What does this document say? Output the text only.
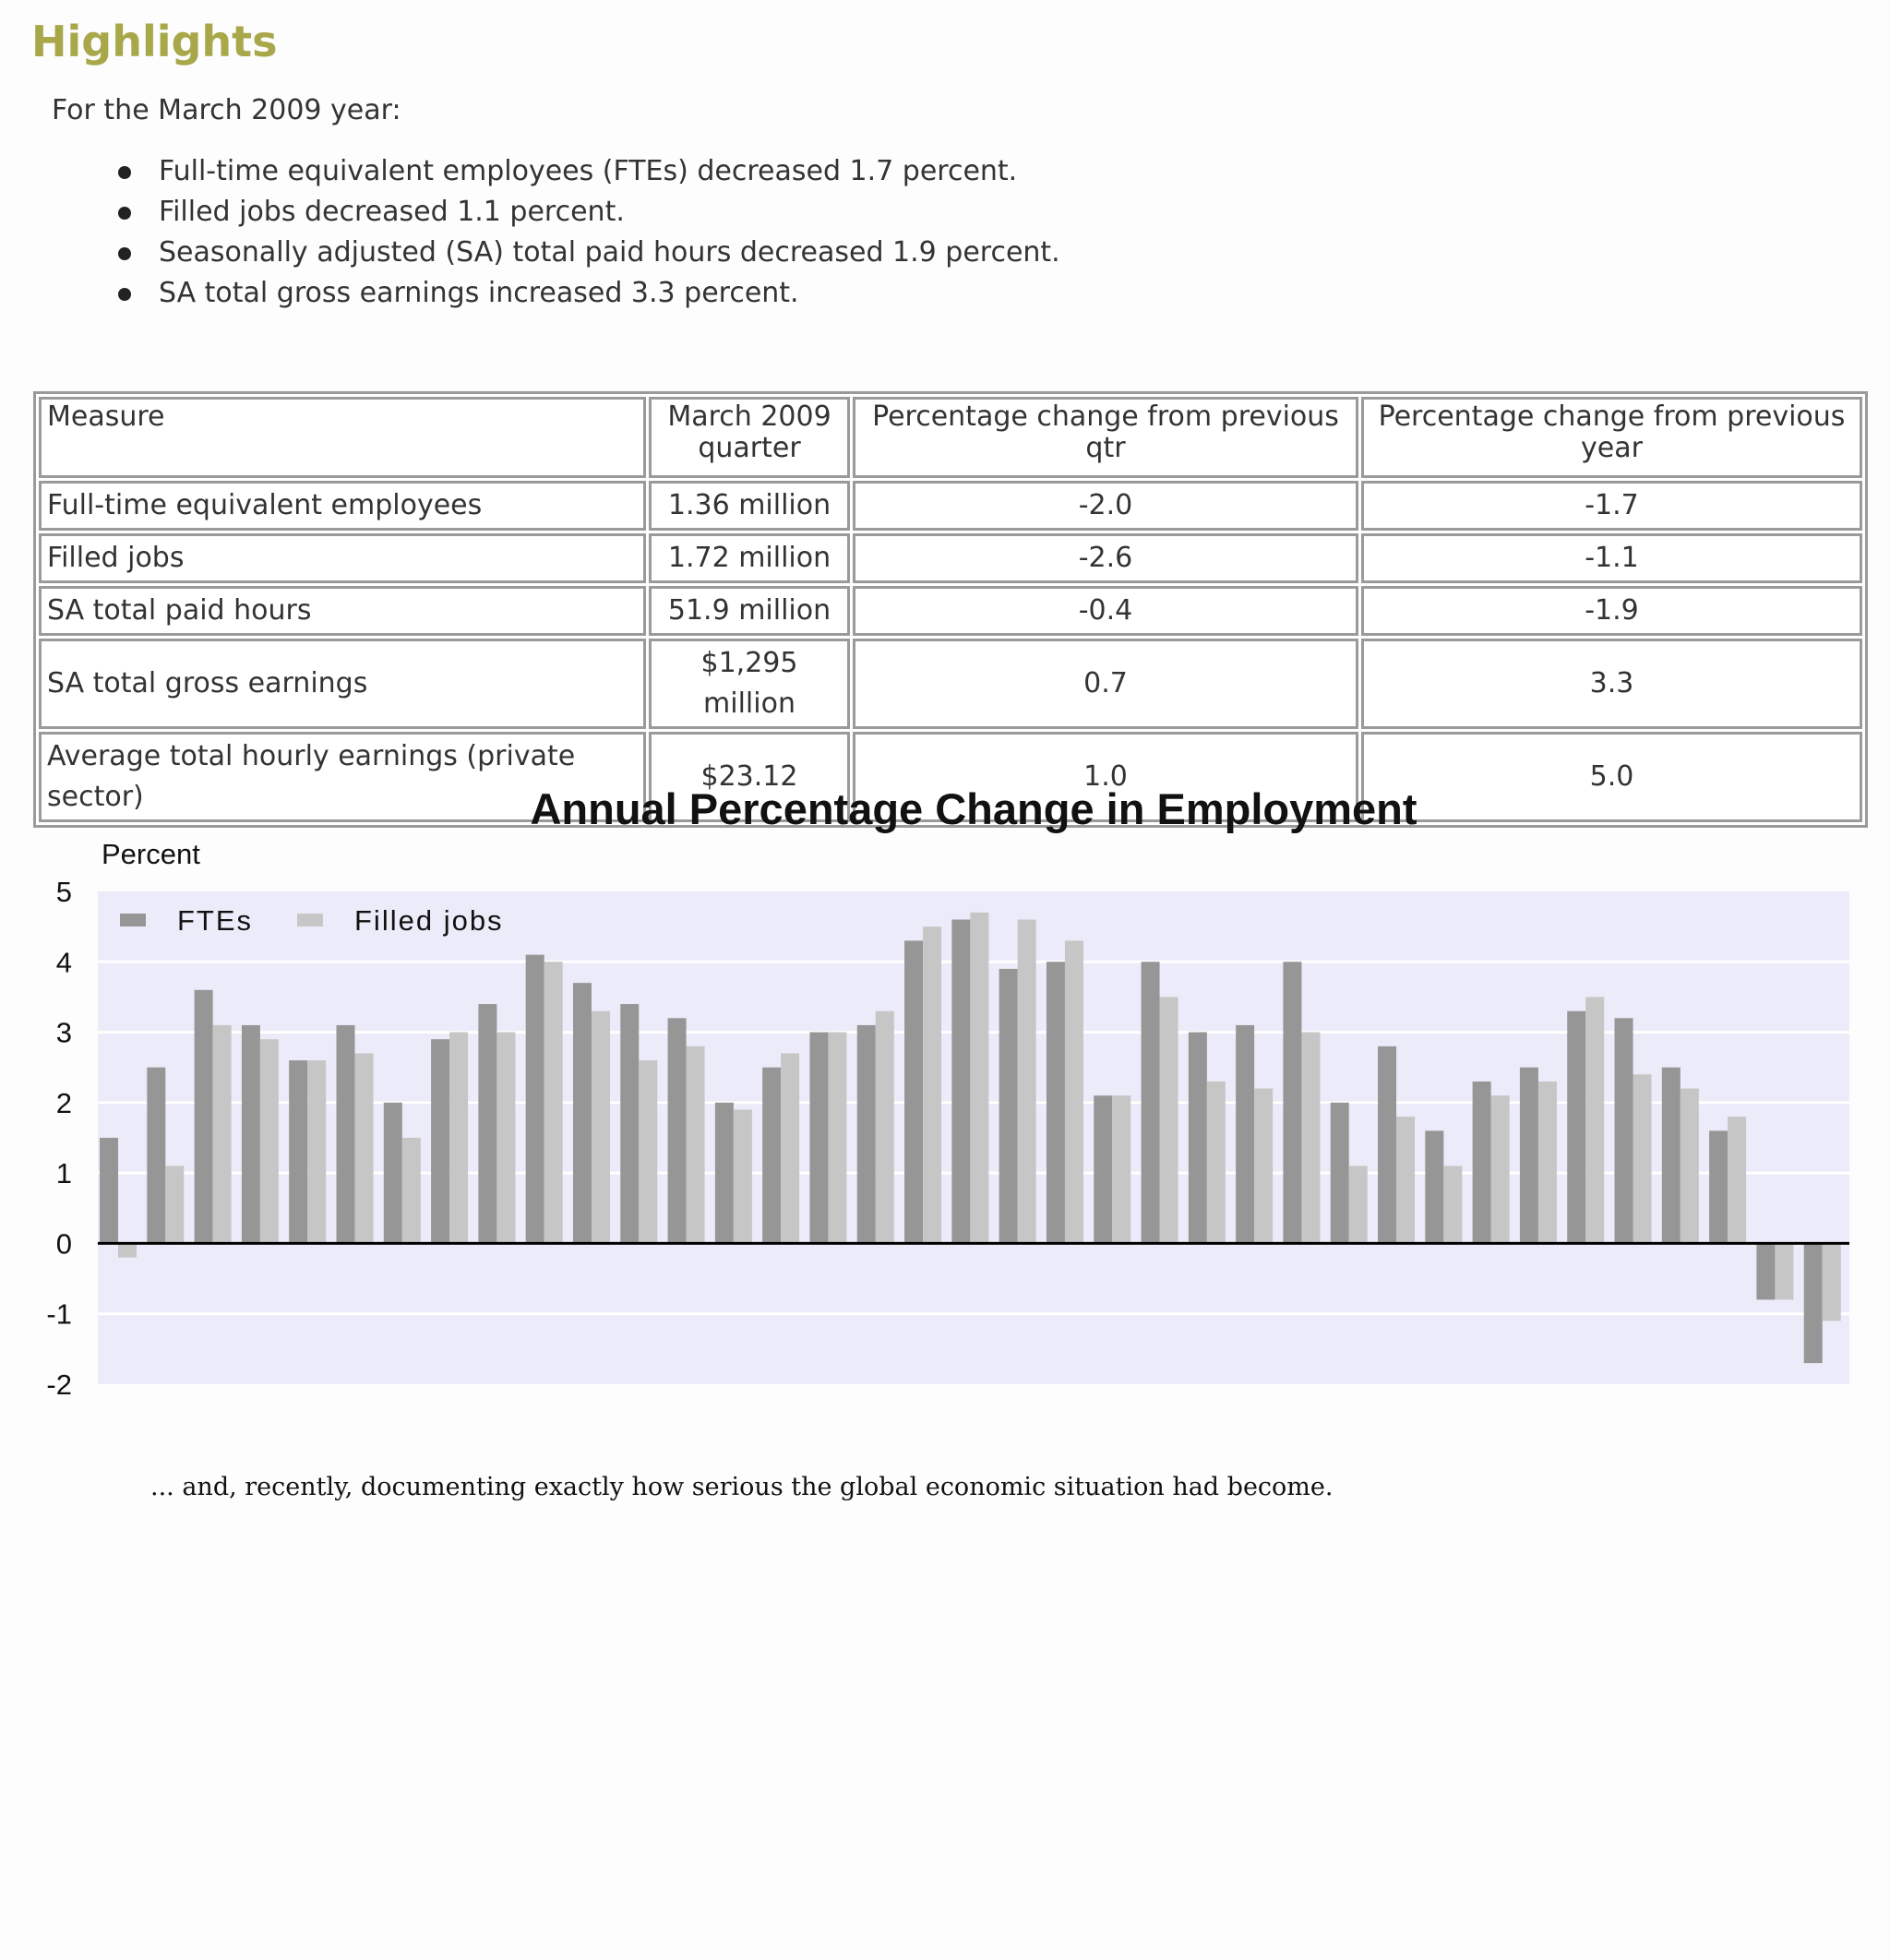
Highlights

For the March 2009 year:

Full-time equivalent employees (FTEs) decreased 1.7 percent.
Filled jobs decreased 1.1 percent.
Seasonally adjusted (SA) total paid hours decreased 1.9 percent.
SA total gross earnings increased 3.3 percent.
Measure	March 2009 quarter	Percentage change from previous qtr	Percentage change from previous year
Full-time equivalent employees	1.36 million	-2.0	-1.7
Filled jobs	1.72 million	-2.6	-1.1
SA total paid hours	51.9 million	-0.4	-1.9
SA total gross earnings	$1,295 million	0.7	3.3
Average total hourly earnings (private sector)	$23.12	1.0	5.0
5
4
3
2
1
0
-1
-2
Annual Percentage Change in Employment
Percent
FTEs	Filled jobs

... and, recently, documenting exactly how serious the global economic situation had become.
